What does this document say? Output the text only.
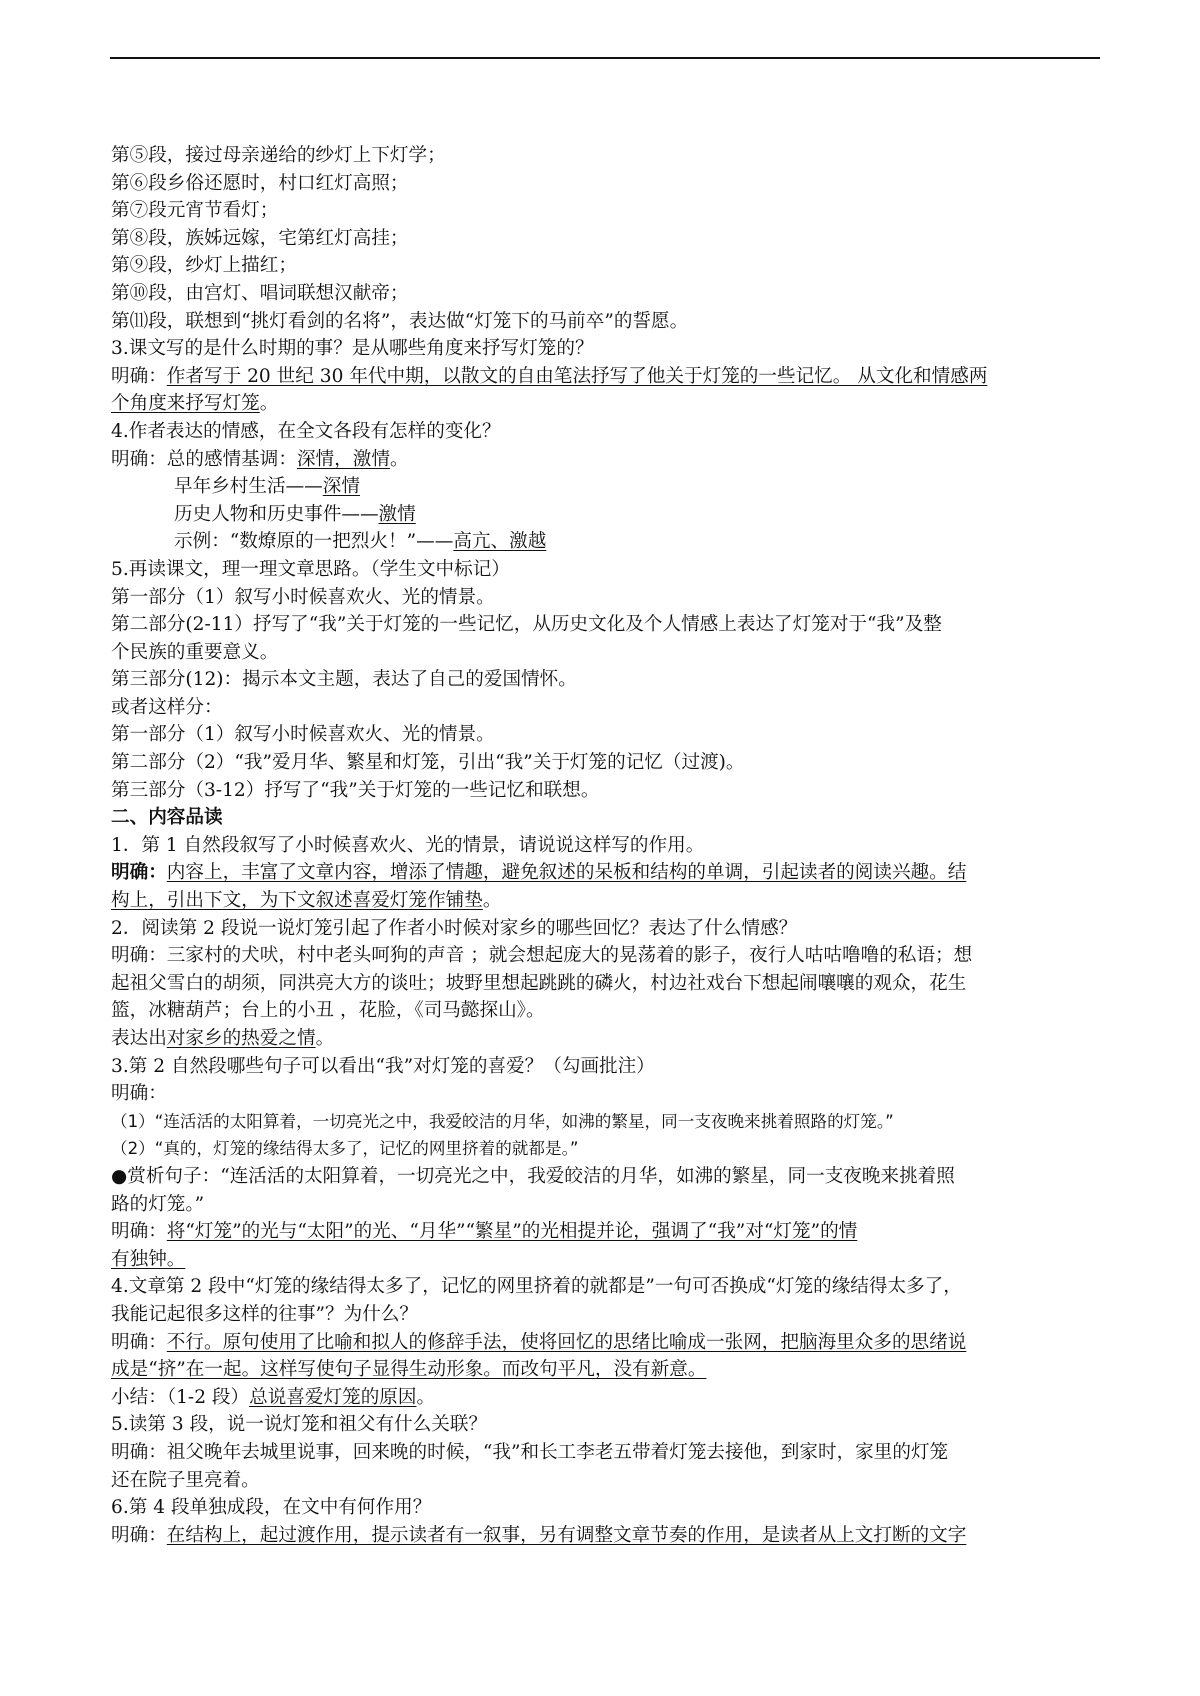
第⑤段，接过母亲递给的纱灯上下灯学；
第⑥段乡俗还愿时，村口红灯高照；
第⑦段元宵节看灯；
第⑧段，族姊远嫁，宅第红灯高挂；
第⑨段，纱灯上描红；
第⑩段，由宫灯、唱词联想汉献帝；
第⑾段，联想到“挑灯看剑的名将”，表达做“灯笼下的马前卒”的誓愿。
3.课文写的是什么时期的事？是从哪些角度来抒写灯笼的？
明确：作者写于 20 世纪 30 年代中期，以散文的自由笔法抒写了他关于灯笼的一些记忆。 从文化和情感两
个角度来抒写灯笼。
4.作者表达的情感，在全文各段有怎样的变化？
明确：总的感情基调：深情，激情。
早年乡村生活——深情
历史人物和历史事件——激情
示例：“数燎原的一把烈火！”——高亢、激越
5.再读课文，理一理文章思路。（学生文中标记）
第一部分（1）叙写小时候喜欢火、光的情景。
第二部分(2-11）抒写了“我”关于灯笼的一些记忆，从历史文化及个人情感上表达了灯笼对于“我”及整
个民族的重要意义。
第三部分(12)：揭示本文主题，表达了自己的爱国情怀。
或者这样分：
第一部分（1）叙写小时候喜欢火、光的情景。
第二部分（2）“我”爱月华、繁星和灯笼，引出“我”关于灯笼的记忆（过渡)。
第三部分（3-12）抒写了“我”关于灯笼的一些记忆和联想。
二、内容品读
1．第 1 自然段叙写了小时候喜欢火、光的情景，请说说这样写的作用。
明确：内容上，丰富了文章内容，增添了情趣，避免叙述的呆板和结构的单调，引起读者的阅读兴趣。结
构上，引出下文，为下文叙述喜爱灯笼作铺垫。
2．阅读第 2 段说一说灯笼引起了作者小时候对家乡的哪些回忆？表达了什么情感？
明确：三家村的犬吠，村中老头呵狗的声音 ；就会想起庞大的晃荡着的影子，夜行人咕咕噜噜的私语；想
起祖父雪白的胡须，同洪亮大方的谈吐；坡野里想起跳跳的磷火，村边社戏台下想起闹嚷嚷的观众，花生
篮，冰糖葫芦；台上的小丑 ，花脸，《司马懿探山》。
表达出对家乡的热爱之情。
3.第 2 自然段哪些句子可以看出“我”对灯笼的喜爱？（勾画批注）
明确：
（1）“连活活的太阳算着，一切亮光之中，我爱皎洁的月华，如沸的繁星，同一支夜晚来挑着照路的灯笼。”
（2）“真的，灯笼的缘结得太多了，记忆的网里挤着的就都是。”
●赏析句子：“连活活的太阳算着，一切亮光之中，我爱皎洁的月华，如沸的繁星，同一支夜晚来挑着照
路的灯笼。”
明确：将“灯笼”的光与“太阳”的光、“月华”“繁星”的光相提并论，强调了“我”对“灯笼”的情
有独钟。
4.文章第 2 段中“灯笼的缘结得太多了，记忆的网里挤着的就都是”一句可否换成“灯笼的缘结得太多了，
我能记起很多这样的往事”？为什么？
明确：不行。原句使用了比喻和拟人的修辞手法，使将回忆的思绪比喻成一张网，把脑海里众多的思绪说
成是“挤”在一起。这样写使句子显得生动形象。而改句平凡，没有新意。
小结：（1-2 段）总说喜爱灯笼的原因。
5.读第 3 段，说一说灯笼和祖父有什么关联？
明确：祖父晚年去城里说事，回来晚的时候，“我”和长工李老五带着灯笼去接他，到家时，家里的灯笼
还在院子里亮着。
6.第 4 段单独成段，在文中有何作用？
明确：在结构上，起过渡作用，提示读者有一叙事，另有调整文章节奏的作用，是读者从上文打断的文字
